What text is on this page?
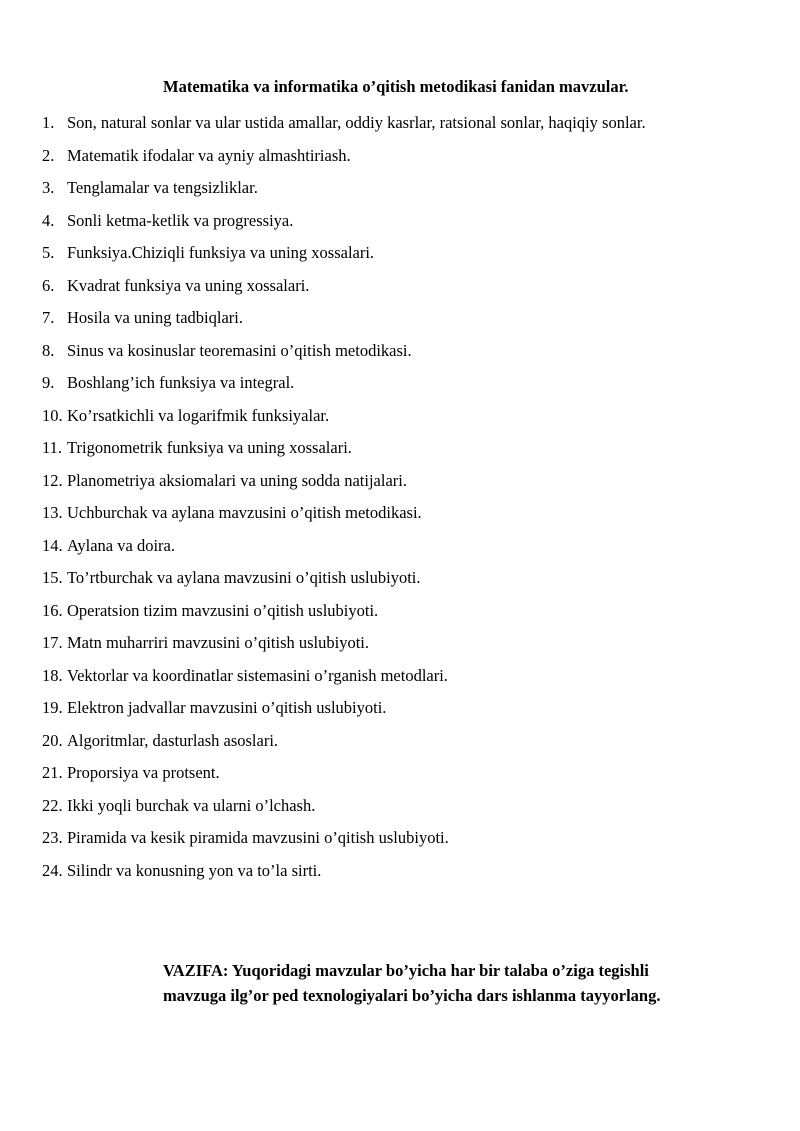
Matematika va informatika o’qitish metodikasi fanidan mavzular.
1. Son, natural sonlar va ular ustida amallar, oddiy kasrlar, ratsional sonlar, haqiqiy sonlar.
2. Matematik ifodalar va ayniy almashtiriash.
3. Tenglamalar va tengsizliklar.
4. Sonli ketma-ketlik va progressiya.
5. Funksiya.Chiziqli funksiya va uning xossalari.
6. Kvadrat funksiya va uning xossalari.
7. Hosila va uning tadbiqlari.
8. Sinus va kosinuslar teoremasini o’qitish metodikasi.
9. Boshlang’ich funksiya va integral.
10. Ko’rsatkichli va logarifmik funksiyalar.
11. Trigonometrik funksiya va uning xossalari.
12. Planometriya aksiomalari va uning sodda natijalari.
13. Uchburchak va aylana mavzusini o’qitish metodikasi.
14. Aylana va doira.
15. To’rtburchak va aylana mavzusini o’qitish uslubiyoti.
16. Operatsion tizim mavzusini o’qitish uslubiyoti.
17. Matn muharriri mavzusini o’qitish uslubiyoti.
18. Vektorlar va koordinatlar sistemasini o’rganish metodlari.
19. Elektron jadvallar mavzusini o’qitish uslubiyoti.
20. Algoritmlar, dasturlash asoslari.
21. Proporsiya va protsent.
22. Ikki yoqli burchak va ularni o’lchash.
23. Piramida va kesik piramida mavzusini o’qitish uslubiyoti.
24. Silindr va konusning yon va to’la sirti.
VAZIFA: Yuqoridagi mavzular bo’yicha har bir talaba o’ziga tegishli
mavzuga ilg’or ped texnologiyalari bo’yicha dars ishlanma tayyorlang.
